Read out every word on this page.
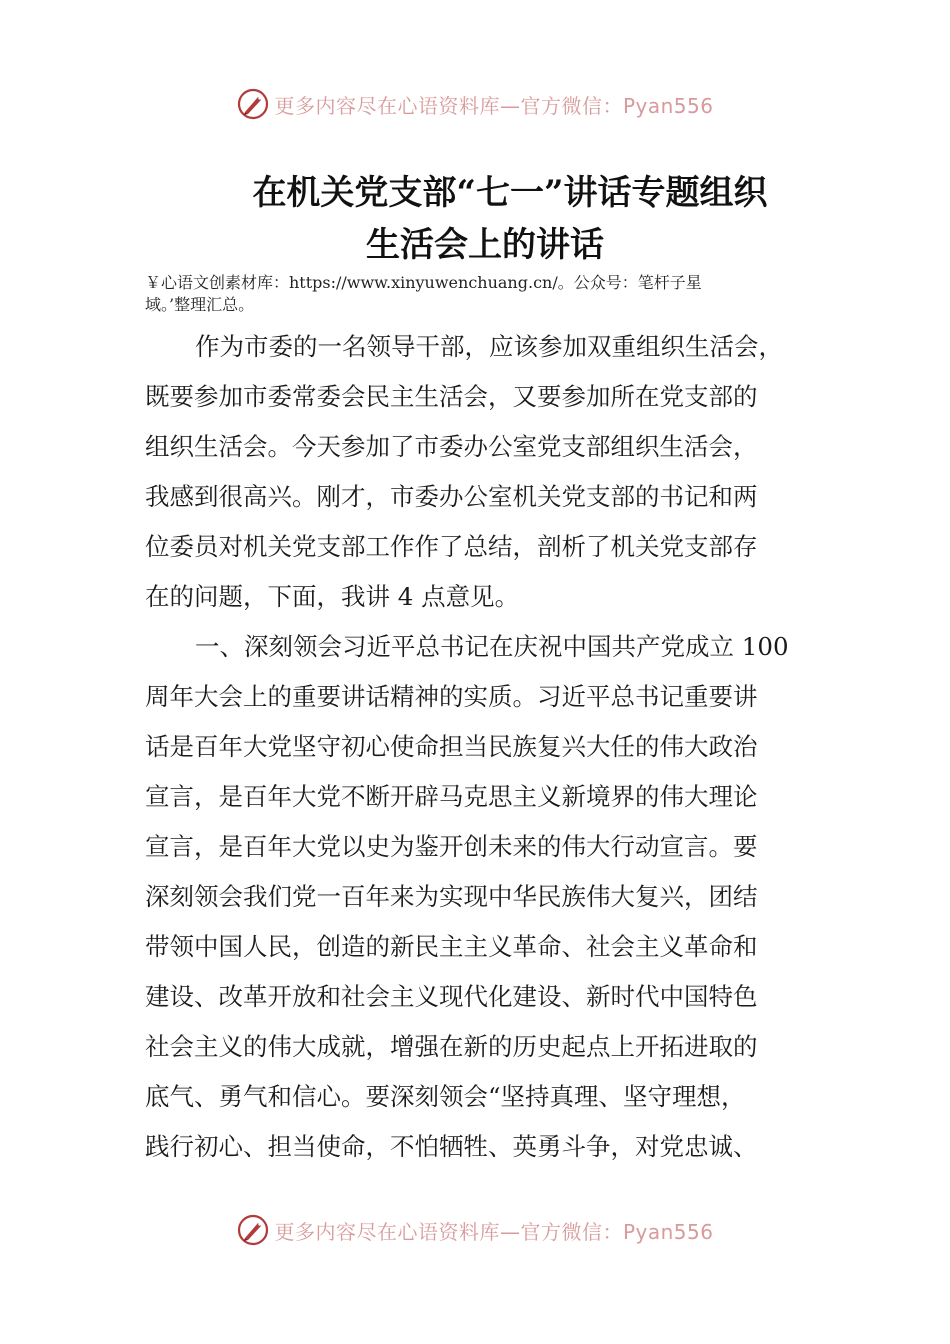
更多内容尽在心语资料库—官方微信：Pyan556
在机关党支部“七一”讲话专题组织
生活会上的讲话
￥心语文创素材库：https://www.xinyuwenchuang.cn/。公众号：笔杆子星
域。’整理汇总。
作为市委的一名领导干部，应该参加双重组织生活会，
既要参加市委常委会民主生活会，又要参加所在党支部的
组织生活会。今天参加了市委办公室党支部组织生活会，
我感到很高兴。刚才，市委办公室机关党支部的书记和两
位委员对机关党支部工作作了总结，剖析了机关党支部存
在的问题，下面，我讲 4 点意见。
一、深刻领会习近平总书记在庆祝中国共产党成立 100
周年大会上的重要讲话精神的实质。习近平总书记重要讲
话是百年大党坚守初心使命担当民族复兴大任的伟大政治
宣言，是百年大党不断开辟马克思主义新境界的伟大理论
宣言，是百年大党以史为鉴开创未来的伟大行动宣言。要
深刻领会我们党一百年来为实现中华民族伟大复兴，团结
带领中国人民，创造的新民主主义革命、社会主义革命和
建设、改革开放和社会主义现代化建设、新时代中国特色
社会主义的伟大成就，增强在新的历史起点上开拓进取的
底气、勇气和信心。要深刻领会“坚持真理、坚守理想，
践行初心、担当使命，不怕牺牲、英勇斗争，对党忠诚、
更多内容尽在心语资料库—官方微信：Pyan556
